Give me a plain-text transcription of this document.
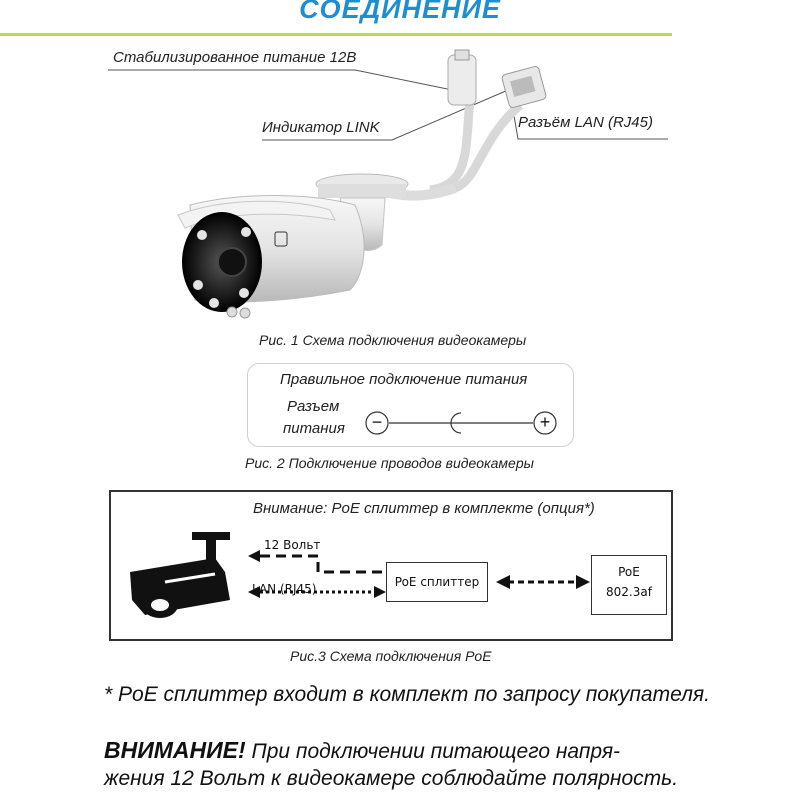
СОЕДИНЕНИЕ
Стабилизированное питание 12В
Индикатор LINK	Разъём LAN (RJ45)
Рис. 1 Схема подключения видеокамеры
Правильное подключение питания
Разъем
питания −	+
Рис. 2 Подключение проводов видеокамеры
Внимание: PoE сплиттер в комплекте (опция*)
12 Вольт
LAN (RJ45)	PoE сплиттер
PoE
802.3af
Рис.3 Схема подключения PoE
* PoE сплиттер входит в комплект по запросу покупателя.
ВНИМАНИЕ! При подключении питающего напря-
жения 12 Вольт к видеокамере соблюдайте полярность.
